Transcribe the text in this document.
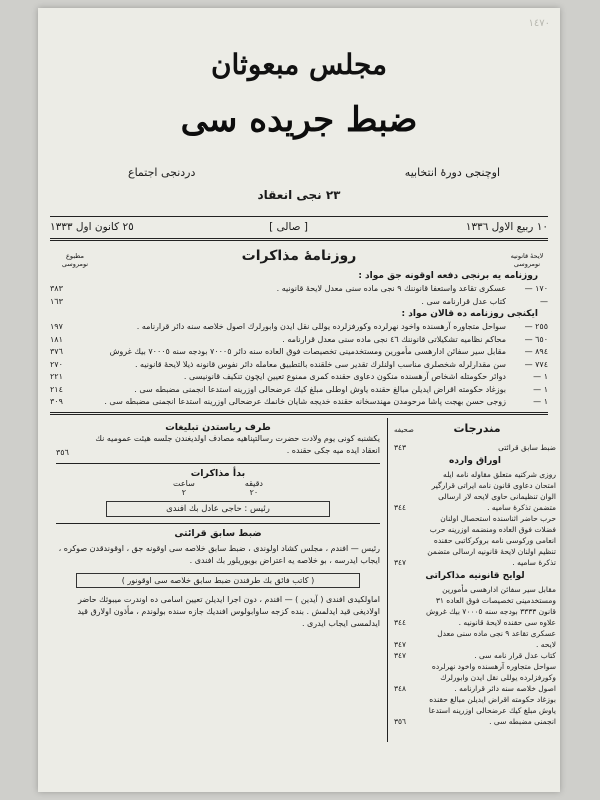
١٤٧٠
مجلس مبعوثان
ضبط جريده سى
اوچنجى دورۀ انتخابيه
دردنجى اجتماع
٢٣ نجى انعقاد
١٠ ربيع الاول ١٣٣٦
[ صالى ]
٢٥ كانون اول ١٣٣٣
روزنامۀ مذاكرات
مطبوع نومروسى
لايحۀ قانونيه نومروسى
روزنامه يه برنجى دفعه اوقونه جق مواد :
١٧٠ —
عسكرى تقاعد واستعفا قانوننك ٩ نجى ماده سنى معدل لايحۀ قانونيه .
٣٨٣
—
كتاب عدل قرارنامه سى .
١٦٣
ايكنجى روزنامه ده قالان مواد :
٢٥٥ —
سواحل متجاوره آرهسنده واخود نهرلرده وكورفزلرده يوللى نقل ايدن وابورلرك اصول خلاصه سنه دائر قرارنامه .
١٩٧
٦٥٠ —
محاكم نظاميه تشكيلاتى قانوننك ٤٦ نجى ماده سنى معدل قرارنامه .
١٨١
٨٩٤ —
مقابل سير سفائن ادارهسى مأمورين ومستخدمينى تخصيصات فوق العاده سنه دائر ٧٠٠٠٥ بودجه سنه ٧٠٠٠٥ بيك غروش
٣٧٦
٧٧٤ —
سن مقدارلرله شخصلرى مناسب اولنلرك تقدير سى خلقنده بالتطبيق معامله دائر نفوس قانونه ذيلا لايحۀ قانونيه .
٢٧٠
١ —
دوائر حكومتله اشخاص آرهسنده منكون دعاوى حقنده كمرى ممنوع تعيين ايچون تنكيف قانونيسى .
٢٢١
١ —
بوزغاد حكومته اقراض ايديلن مبالغ حقنده ياوش اوطلى مبلغ كيك عرضحالى اوزرينه استدعا انجمنى مضبطه سى .
٢١٤
١ —
زوجى حسن بهجت پاشا مرحومدن مهندسخانه حقنده خديجه شايان خانمك عرضحالى اوزرينه استدعا انجمنى مضبطه سى .
٣٠٩
مندرجات
صحيفه
ضبط سابق قرائتى
٣٤٣
اوراق وارده
روزى شركتيه متعلق مقاوله نامه ايله امتحان دعاوى قانون نامه ايراتى قرارگير الوان تنظيمانى حاوى لايحه لار ارسالى متضمن تذكرۀ ساميه .
٣٤٤
حرب حاضر اثناسنده استحصال اولنان فضلات فوق العاده ومنضمه اوزرينه حرب انعامى وركوسى نامه بروكركاتبى حقنده تنظيم اولنان لايحۀ قانونيه ارسالى متضمن تذكرۀ ساميه .
٣٤٧
لوايح قانونيه مذاكراتى
مقابل سير سفائن ادارهسى مأمورين ومستخدمينى تخصيصات فوق العاده ٣١ قانون ٣٣٣٣ بودجه سنه ٧٠٠٠٥ بيك غروش علاوه سى حقنده لايحۀ قانونيه .
٣٤٤
عسكرى تقاعد ٩ نجى ماده سنى معدل لايحه .
٣٤٧
كتاب عدل قرار نامه سى .
٣٤٧
سواحل متجاوره آرهسنده واخود نهرلرده وكورفزلرده يوللى نقل ايدن وابورلرك اصول خلاصه سنه دائر قرارنامه .
٣٤٨
بوزغاد حكومته اقراض ايديلن مبالغ حقنده ياوش مبلغ كيك عرضحالى اوزرينه استدعا انجمنى مضبطه سى .
٣٥٦
طرف رياستدن تبليغات

يكشنبه كونى يوم ولادت حضرت رسالتپناهيه مصادف اولديغندن جلسه هيئت عموميه نك انعقاد ايده ميه جكى حقنده .

٣٥٦
بدأ مذاكرات
دقيقه
٢٠
ساعت
٢
رئيس : حاجى عادل بك افندى
ضبط سابق قرائتى

رئيس — افندم ، مجلس كشاد اولوندى ، ضبط سابق خلاصه سى اوقونه جق ، اوقوندقدن صوكره ، ايجاب ايدرسه ، بو خلاصه يه اعتراض بويوريلور بك افندى .

( كاتب فائق بك طرفندن ضبط سابق خلاصه سى اوقونور )

اماولكيدى افندى ( آيدين ) — افندم ، دون اجرا ايديلن تعيين اسامى ده اوندرت ميبوثك حاضر اولاديغى قيد ايدلمش . بنده كزجه ساوابولوس افنديك جازه سنده بولوندم ، مأذون اولارق قيد ايدلمسى ايجاب ايدرى .
